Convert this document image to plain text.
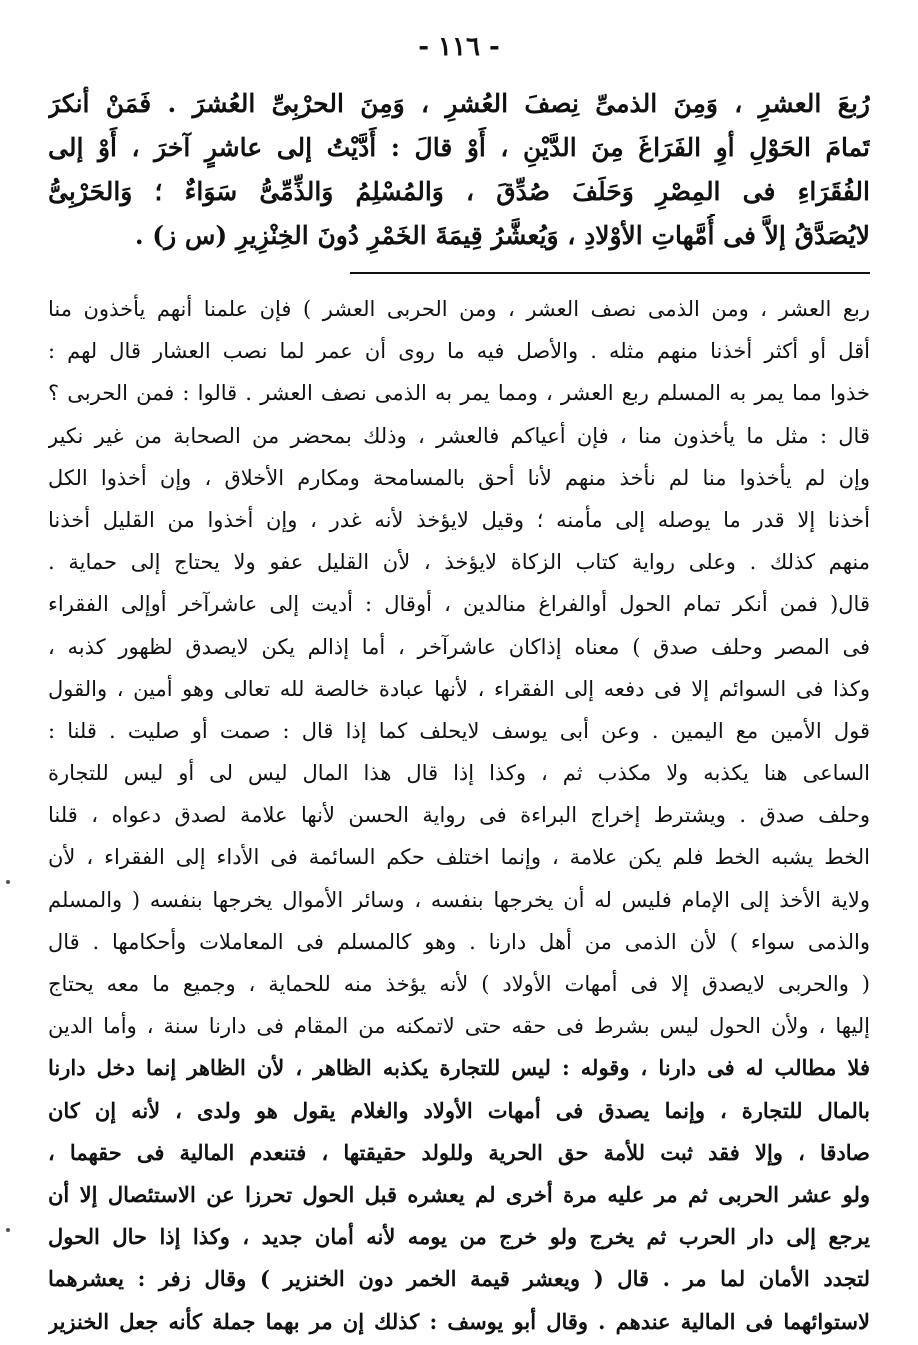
- ١١٦ -
رُبعَ العشرِ ، وَمِنَ الذمىِّ نِصفَ العُشرِ ، وَمِنَ الحرْبِىِّ العُشرَ . فَمَنْ أنكرَ
تَمامَ الحَوْلِ أوِ الفَرَاغَ مِنَ الدَّيْنِ ، أَوْ قالَ : أَدَّيْتُ إلى عاشرٍ آخرَ ، أَوْ إلى
الفُقَرَاءِ فى المِصْرِ وَحَلَفَ صُدِّقَ ، وَالمُسْلِمُ وَالذِّمِّىُّ سَوَاءٌ ؛ وَالحَرْبِىُّ
لايُصَدَّقُ إلاَّ فى أُمَّهاتِ الأوْلادِ ، وَيُعشَّرُ قِيمَةَ الخَمْرِ دُونَ الخِنْزِيرِ (س ز) .
ربع العشر ، ومن الذمى نصف العشر ، ومن الحربى العشر ) فإن علمنا أنهم يأخذون منا
أقل أو أكثر أخذنا منهم مثله . والأصل فيه ما روى أن عمر لما نصب العشار قال لهم :
خذوا مما يمر به المسلم ربع العشر ، ومما يمر به الذمى نصف العشر . قالوا : فمن الحربى ؟
قال : مثل ما يأخذون منا ، فإن أعياكم فالعشر ، وذلك بمحضر من الصحابة من غير نكير
وإن لم يأخذوا منا لم نأخذ منهم لأنا أحق بالمسامحة ومكارم الأخلاق ، وإن أخذوا الكل
أخذنا إلا قدر ما يوصله إلى مأمنه ؛ وقيل لايؤخذ لأنه غدر ، وإن أخذوا من القليل أخذنا
منهم كذلك . وعلى رواية كتاب الزكاة لايؤخذ ، لأن القليل عفو ولا يحتاج إلى حماية .
قال( فمن أنكر تمام الحول أوالفراغ منالدين ، أوقال : أديت إلى عاشرآخر أوإلى الفقراء
فى المصر وحلف صدق ) معناه إذاكان عاشرآخر ، أما إذالم يكن لايصدق لظهور كذبه ،
وكذا فى السوائم إلا فى دفعه إلى الفقراء ، لأنها عبادة خالصة لله تعالى وهو أمين ، والقول
قول الأمين مع اليمين . وعن أبى يوسف لايحلف كما إذا قال : صمت أو صليت . قلنا :
الساعى هنا يكذبه ولا مكذب ثم ، وكذا إذا قال هذا المال ليس لى أو ليس للتجارة
وحلف صدق . ويشترط إخراج البراءة فى رواية الحسن لأنها علامة لصدق دعواه ، قلنا
الخط يشبه الخط فلم يكن علامة ، وإنما اختلف حكم السائمة فى الأداء إلى الفقراء ، لأن
ولاية الأخذ إلى الإمام فليس له أن يخرجها بنفسه ، وسائر الأموال يخرجها بنفسه ( والمسلم
والذمى سواء ) لأن الذمى من أهل دارنا . وهو كالمسلم فى المعاملات وأحكامها . قال
( والحربى لايصدق إلا فى أمهات الأولاد ) لأنه يؤخذ منه للحماية ، وجميع ما معه يحتاج
إليها ، ولأن الحول ليس بشرط فى حقه حتى لاتمكنه من المقام فى دارنا سنة ، وأما الدين
فلا مطالب له فى دارنا ، وقوله : ليس للتجارة يكذبه الظاهر ، لأن الظاهر إنما دخل دارنا
بالمال للتجارة ، وإنما يصدق فى أمهات الأولاد والغلام يقول هو ولدى ، لأنه إن كان
صادقا ، وإلا فقد ثبت للأمة حق الحرية وللولد حقيقتها ، فتنعدم المالية فى حقهما ،
ولو عشر الحربى ثم مر عليه مرة أخرى لم يعشره قبل الحول تحرزا عن الاستئصال إلا أن
يرجع إلى دار الحرب ثم يخرج ولو خرج من يومه لأنه أمان جديد ، وكذا إذا حال الحول
لتجدد الأمان لما مر . قال ( ويعشر قيمة الخمر دون الخنزير ) وقال زفر : يعشرهما
لاستوائهما فى المالية عندهم . وقال أبو يوسف : كذلك إن مر بهما جملة كأنه جعل الخنزير
